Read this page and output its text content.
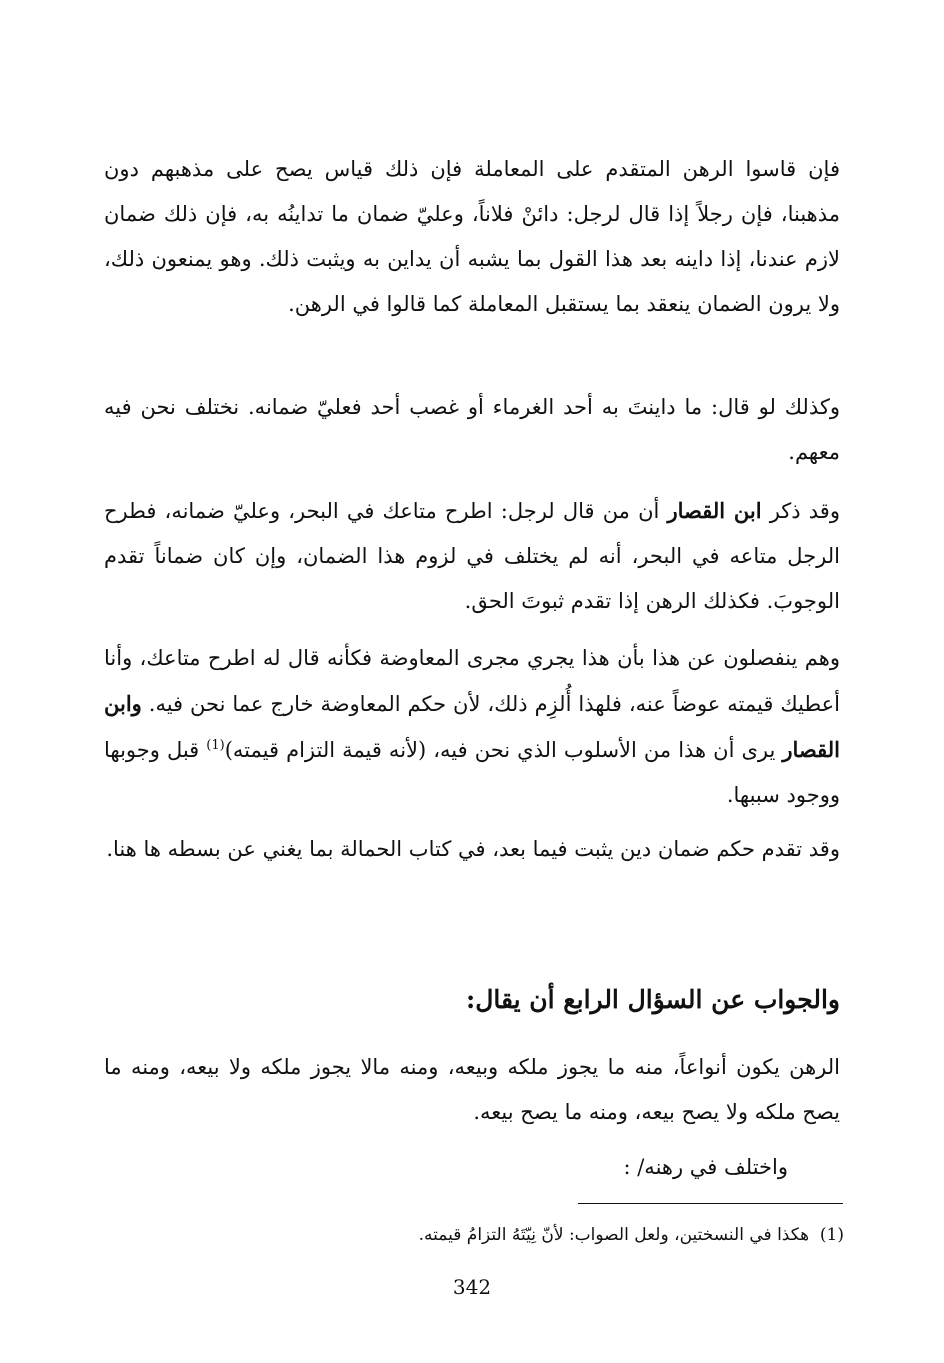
فإن قاسوا الرهن المتقدم على المعاملة فإن ذلك قياس يصح على مذهبهم دون مذهبنا، فإن رجلاً إذا قال لرجل: دائنْ فلاناً، وعليّ ضمان ما تداينُه به، فإن ذلك ضمان لازم عندنا، إذا داينه بعد هذا القول بما يشبه أن يداين به ويثبت ذلك. وهو يمنعون ذلك، ولا يرون الضمان ينعقد بما يستقبل المعاملة كما قالوا في الرهن.

وكذلك لو قال: ما داينتَ به أحد الغرماء أو غصب أحد فعليّ ضمانه. نختلف نحن فيه معهم.

وقد ذكر ابن القصار أن من قال لرجل: اطرح متاعك في البحر، وعليّ ضمانه، فطرح الرجل متاعه في البحر، أنه لم يختلف في لزوم هذا الضمان، وإن كان ضماناً تقدم الوجوبَ. فكذلك الرهن إذا تقدم ثبوتَ الحق.

وهم ينفصلون عن هذا بأن هذا يجري مجرى المعاوضة فكأنه قال له اطرح متاعك، وأنا أعطيك قيمته عوضاً عنه، فلهذا أُلزِم ذلك، لأن حكم المعاوضة خارج عما نحن فيه. وابن القصار يرى أن هذا من الأسلوب الذي نحن فيه، (لأنه قيمة التزام قيمته)$^{(1)}$ قبل وجوبها ووجود سببها.

وقد تقدم حكم ضمان دين يثبت فيما بعد، في كتاب الحمالة بما يغني عن بسطه ها هنا.

والجواب عن السؤال الرابع أن يقال:

الرهن يكون أنواعاً، منه ما يجوز ملكه وبيعه، ومنه مالا يجوز ملكه ولا بيعه، ومنه ما يصح ملكه ولا يصح بيعه، ومنه ما يصح بيعه.

واختلف في رهنه/ :

(1)  هكذا في النسختين، ولعل الصواب: لأنّ نِيّتَهُ التزامُ قيمته.

342
